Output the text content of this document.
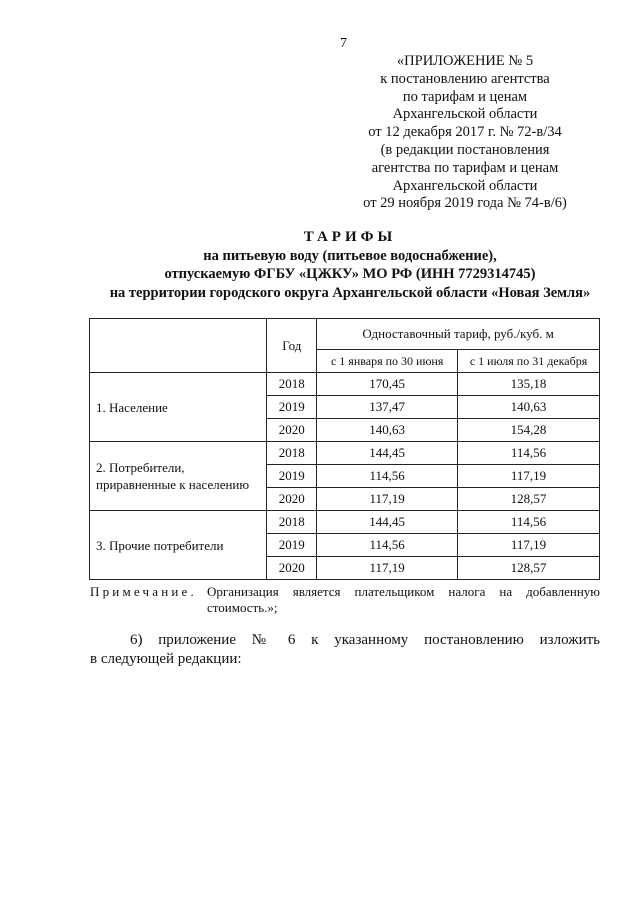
7
«ПРИЛОЖЕНИЕ № 5
к постановлению агентства
по тарифам и ценам
Архангельской области
от 12 декабря 2017 г. № 72-в/34
(в редакции постановления
агентства по тарифам и ценам
Архангельской области
от 29 ноября 2019 года № 74-в/6)
ТАРИФЫ
на питьевую воду (питьевое водоснабжение),
отпускаемую ФГБУ «ЦЖКУ» МО РФ (ИНН 7729314745)
на территории городского округа Архангельской области «Новая Земля»
	Год	Одноставочный тариф, руб./куб. м	
		с 1 января по 30 июня	с 1 июля по 31 декабря
1. Население	2018	170,45	135,18
	2019	137,47	140,63
	2020	140,63	154,28
2. Потребители, приравненные к населению	2018	144,45	114,56
	2019	114,56	117,19
	2020	117,19	128,57
3. Прочие потребители	2018	144,45	114,56
	2019	114,56	117,19
	2020	117,19	128,57
Примечание. Организация является плательщиком налога на добавленную
стоимость.»;
6) приложение № 6 к указанному постановлению изложить
в следующей редакции:
